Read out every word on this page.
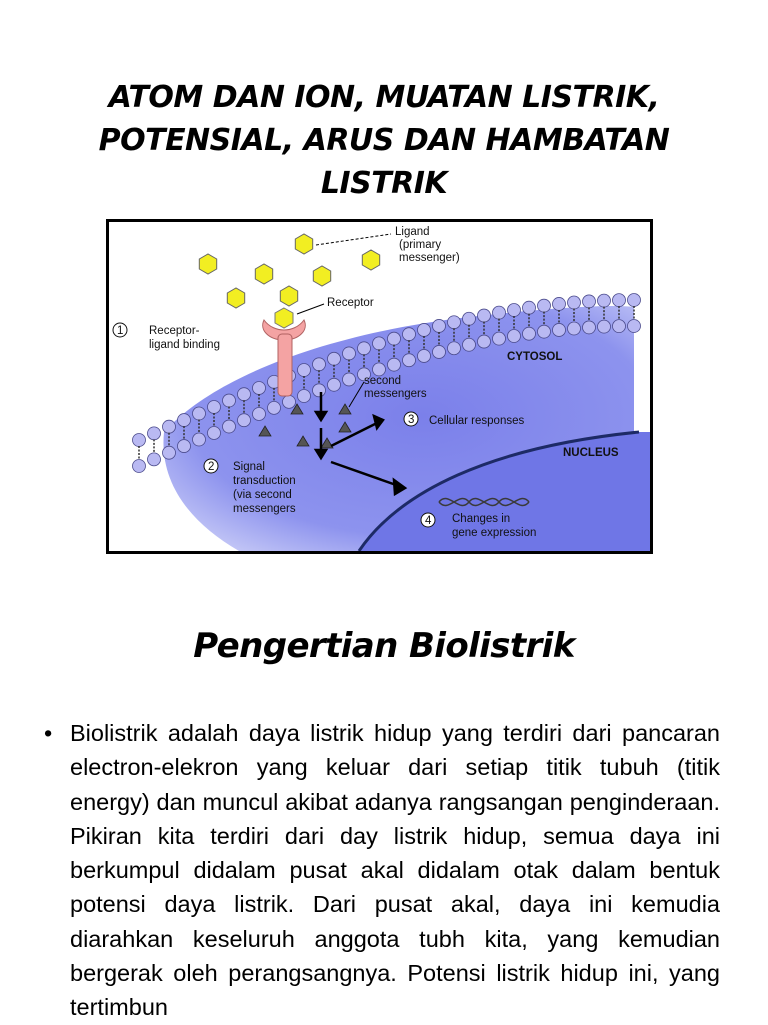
ATOM DAN ION, MUATAN LISTRIK,
POTENSIAL, ARUS DAN HAMBATAN
LISTRIK
Ligand
(primary
messenger)
Receptor
1 Receptor-
ligand binding
CYTOSOL
second
messengers
3 Cellular responses
NUCLEUS
2 Signal
transduction
(via second
messengers
4 Changes in
gene expression
Pengertian Biolistrik
• Biolistrik adalah daya listrik hidup yang terdiri dari pancaran electron-elekron yang keluar dari setiap titik tubuh (titik energy) dan muncul akibat adanya rangsangan penginderaan. Pikiran kita terdiri dari day listrik hidup, semua daya ini berkumpul didalam pusat akal didalam otak dalam bentuk potensi daya listrik. Dari pusat akal, daya ini kemudia diarahkan keseluruh anggota tubh kita, yang kemudian bergerak oleh perangsangnya. Potensi listrik hidup ini, yang tertimbun
